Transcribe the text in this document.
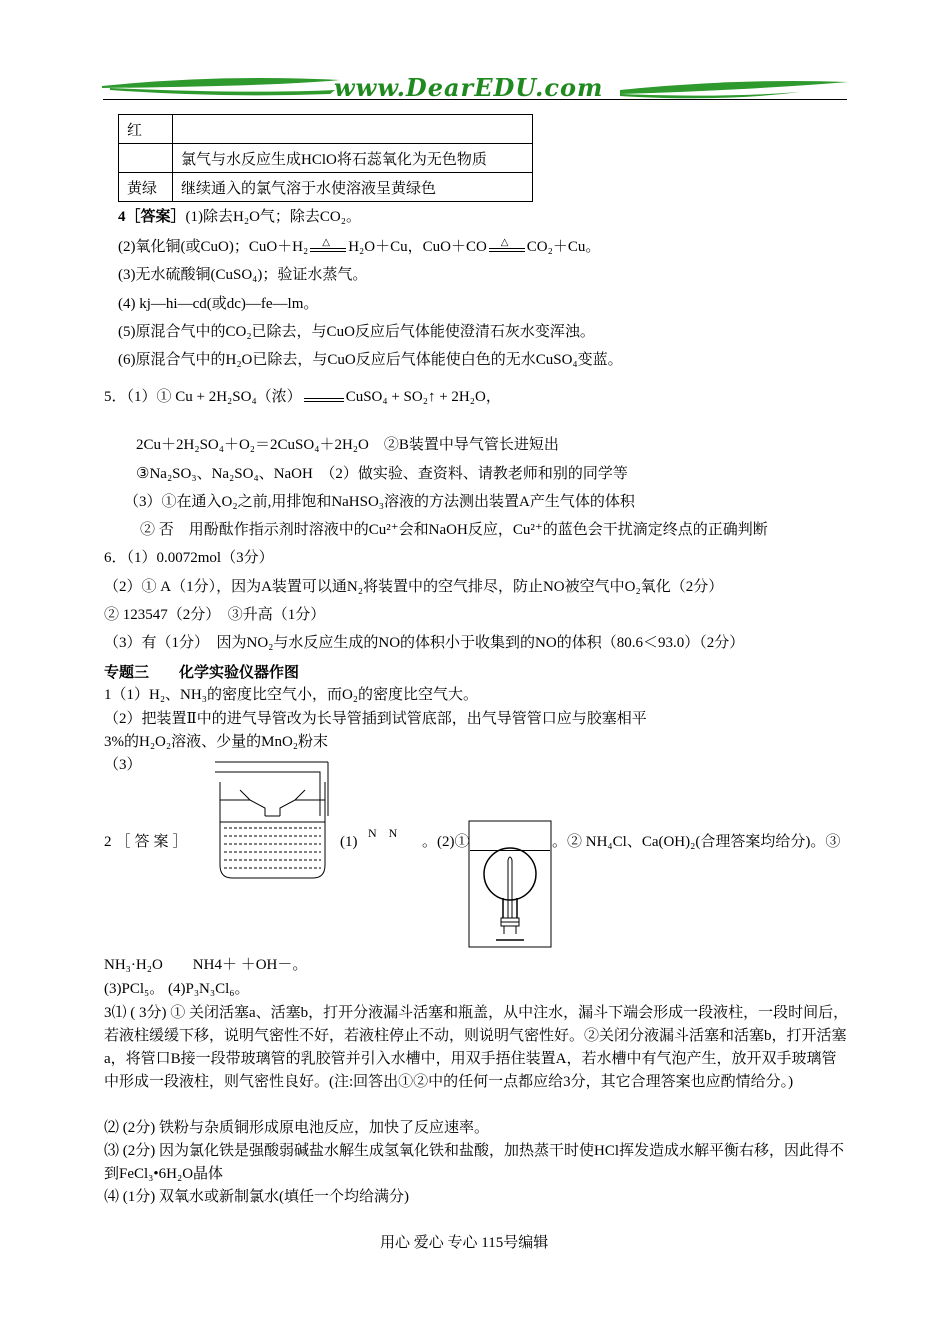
www.DearEDU.com
红	
	氯气与水反应生成HClO将石蕊氧化为无色物质
黄绿	继续通入的氯气溶于水使溶液呈黄绿色
4［答案］(1)除去H₂O气；除去CO₂。
(2)氧化铜(或CuO)；CuO＋H₂ △ H₂O＋Cu，CuO＋CO △ CO₂＋Cu。
(3)无水硫酸铜(CuSO₄)；验证水蒸气。
(4) kj—hi—cd(或dc)—fe—lm。
(5)原混合气中的CO₂已除去，与CuO反应后气体能使澄清石灰水变浑浊。
(6)原混合气中的H₂O已除去，与CuO反应后气体能使白色的无水CuSO₄变蓝。
5．（1）① Cu + 2H₂SO₄（浓）	CuSO₄ + SO₂↑ + 2H₂O，
2Cu＋2H₂SO₄＋O₂＝2CuSO₄＋2H₂O　②B装置中导气管长进短出
③Na₂SO₃、Na₂SO₄、NaOH　（2）做实验、查资料、请教老师和别的同学等
（3）①在通入O₂之前,用排饱和NaHSO₃溶液的方法测出装置A产生气体的体积
② 否　用酚酞作指示剂时溶液中的Cu²⁺会和NaOH反应，Cu²⁺的蓝色会干扰滴定终点的正确判断
6．（1）0.0072mol（3分）
（2）① A（1分），因为A装置可以通N₂将装置中的空气排尽，防止NO被空气中O₂氧化（2分）
② 123547（2分）　③升高（1分）
（3）有（1分）　因为NO₂与水反应生成的NO的体积小于收集到的NO的体积（80.6＜93.0）（2分）
专题三　　化学实验仪器作图
1（1）H₂、NH₃的密度比空气小，而O₂的密度比空气大。
（2）把装置Ⅱ中的进气导管改为长导管插到试管底部，出气导管管口应与胶塞相平
3%的H₂O₂溶液、少量的MnO₂粉末
（3）
2［答案］	(1)
N　N
。(2)①	。② NH₄Cl、Ca(OH)₂(合理答案均给分)。③
NH₃·H₂O　　NH4＋ ＋OH－。
(3)PCl₅。 (4)P₃N₃Cl₆。
3⑴ ( 3分) ① 关闭活塞a、活塞b，打开分液漏斗活塞和瓶盖，从中注水，漏斗下端会形成一段液柱，一段时间后，若液柱缓缓下移，说明气密性不好，若液柱停止不动，则说明气密性好。②关闭分液漏斗活塞和活塞b，打开活塞a，将管口B接一段带玻璃管的乳胶管并引入水槽中，用双手捂住装置A，若水槽中有气泡产生，放开双手玻璃管中形成一段液柱，则气密性良好。(注:回答出①②中的任何一点都应给3分，其它合理答案也应酌情给分。)
⑵ (2分) 铁粉与杂质铜形成原电池反应，加快了反应速率。
⑶ (2分) 因为氯化铁是强酸弱碱盐水解生成氢氧化铁和盐酸，加热蒸干时使HCl挥发造成水解平衡右移，因此得不到FeCl₃•6H₂O晶体
⑷ (1分) 双氧水或新制氯水(填任一个均给满分)
用心 爱心 专心 115号编辑
